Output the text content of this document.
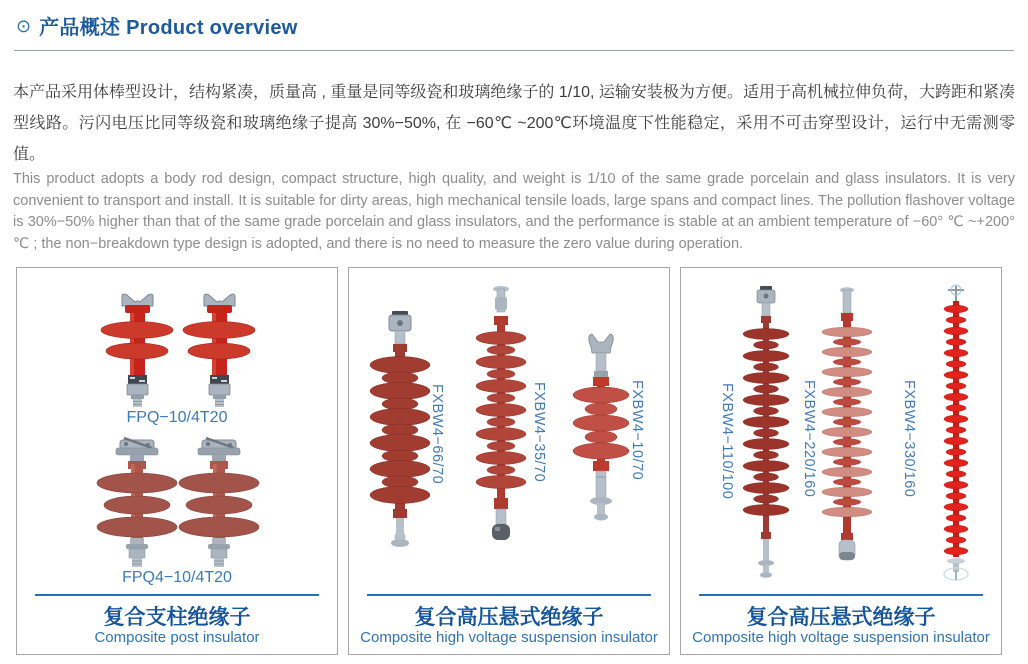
⊙ 产品概述 Product overview

本产品采用体棒型设计，结构紧凑，质量高 , 重量是同等级瓷和玻璃绝缘子的 1/10, 运输安装极为方便。适用于高机械拉伸负荷，大跨距和紧凑型线路。污闪电压比同等级瓷和玻璃绝缘子提高 30%−50%, 在 −60℃ ~200℃环境温度下性能稳定，采用不可击穿型设计，运行中无需测零值。

This product adopts a body rod design, compact structure, high quality, and weight is 1/10 of the same grade porcelain and glass insulators. It is very convenient to transport and install. It is suitable for dirty areas, high mechanical tensile loads, large spans and compact lines. The pollution flashover voltage is 30%−50% higher than that of the same grade porcelain and glass insulators, and the performance is stable at an ambient temperature of −60° ℃ ~+200° ℃ ; the non−breakdown type design is adopted, and there is no need to measure the zero value during operation.

FPQ−10/4T20
FPQ4−10/4T20
复合支柱绝缘子
Composite post insulator
FXBW4−66/70	FXBW4−35/70	FXBW4−10/70
复合高压悬式绝缘子
Composite high voltage suspension insulator
FXBW4−110/100	FXBW4−220/160	FXBW4−330/160
复合高压悬式绝缘子
Composite high voltage suspension insulator
